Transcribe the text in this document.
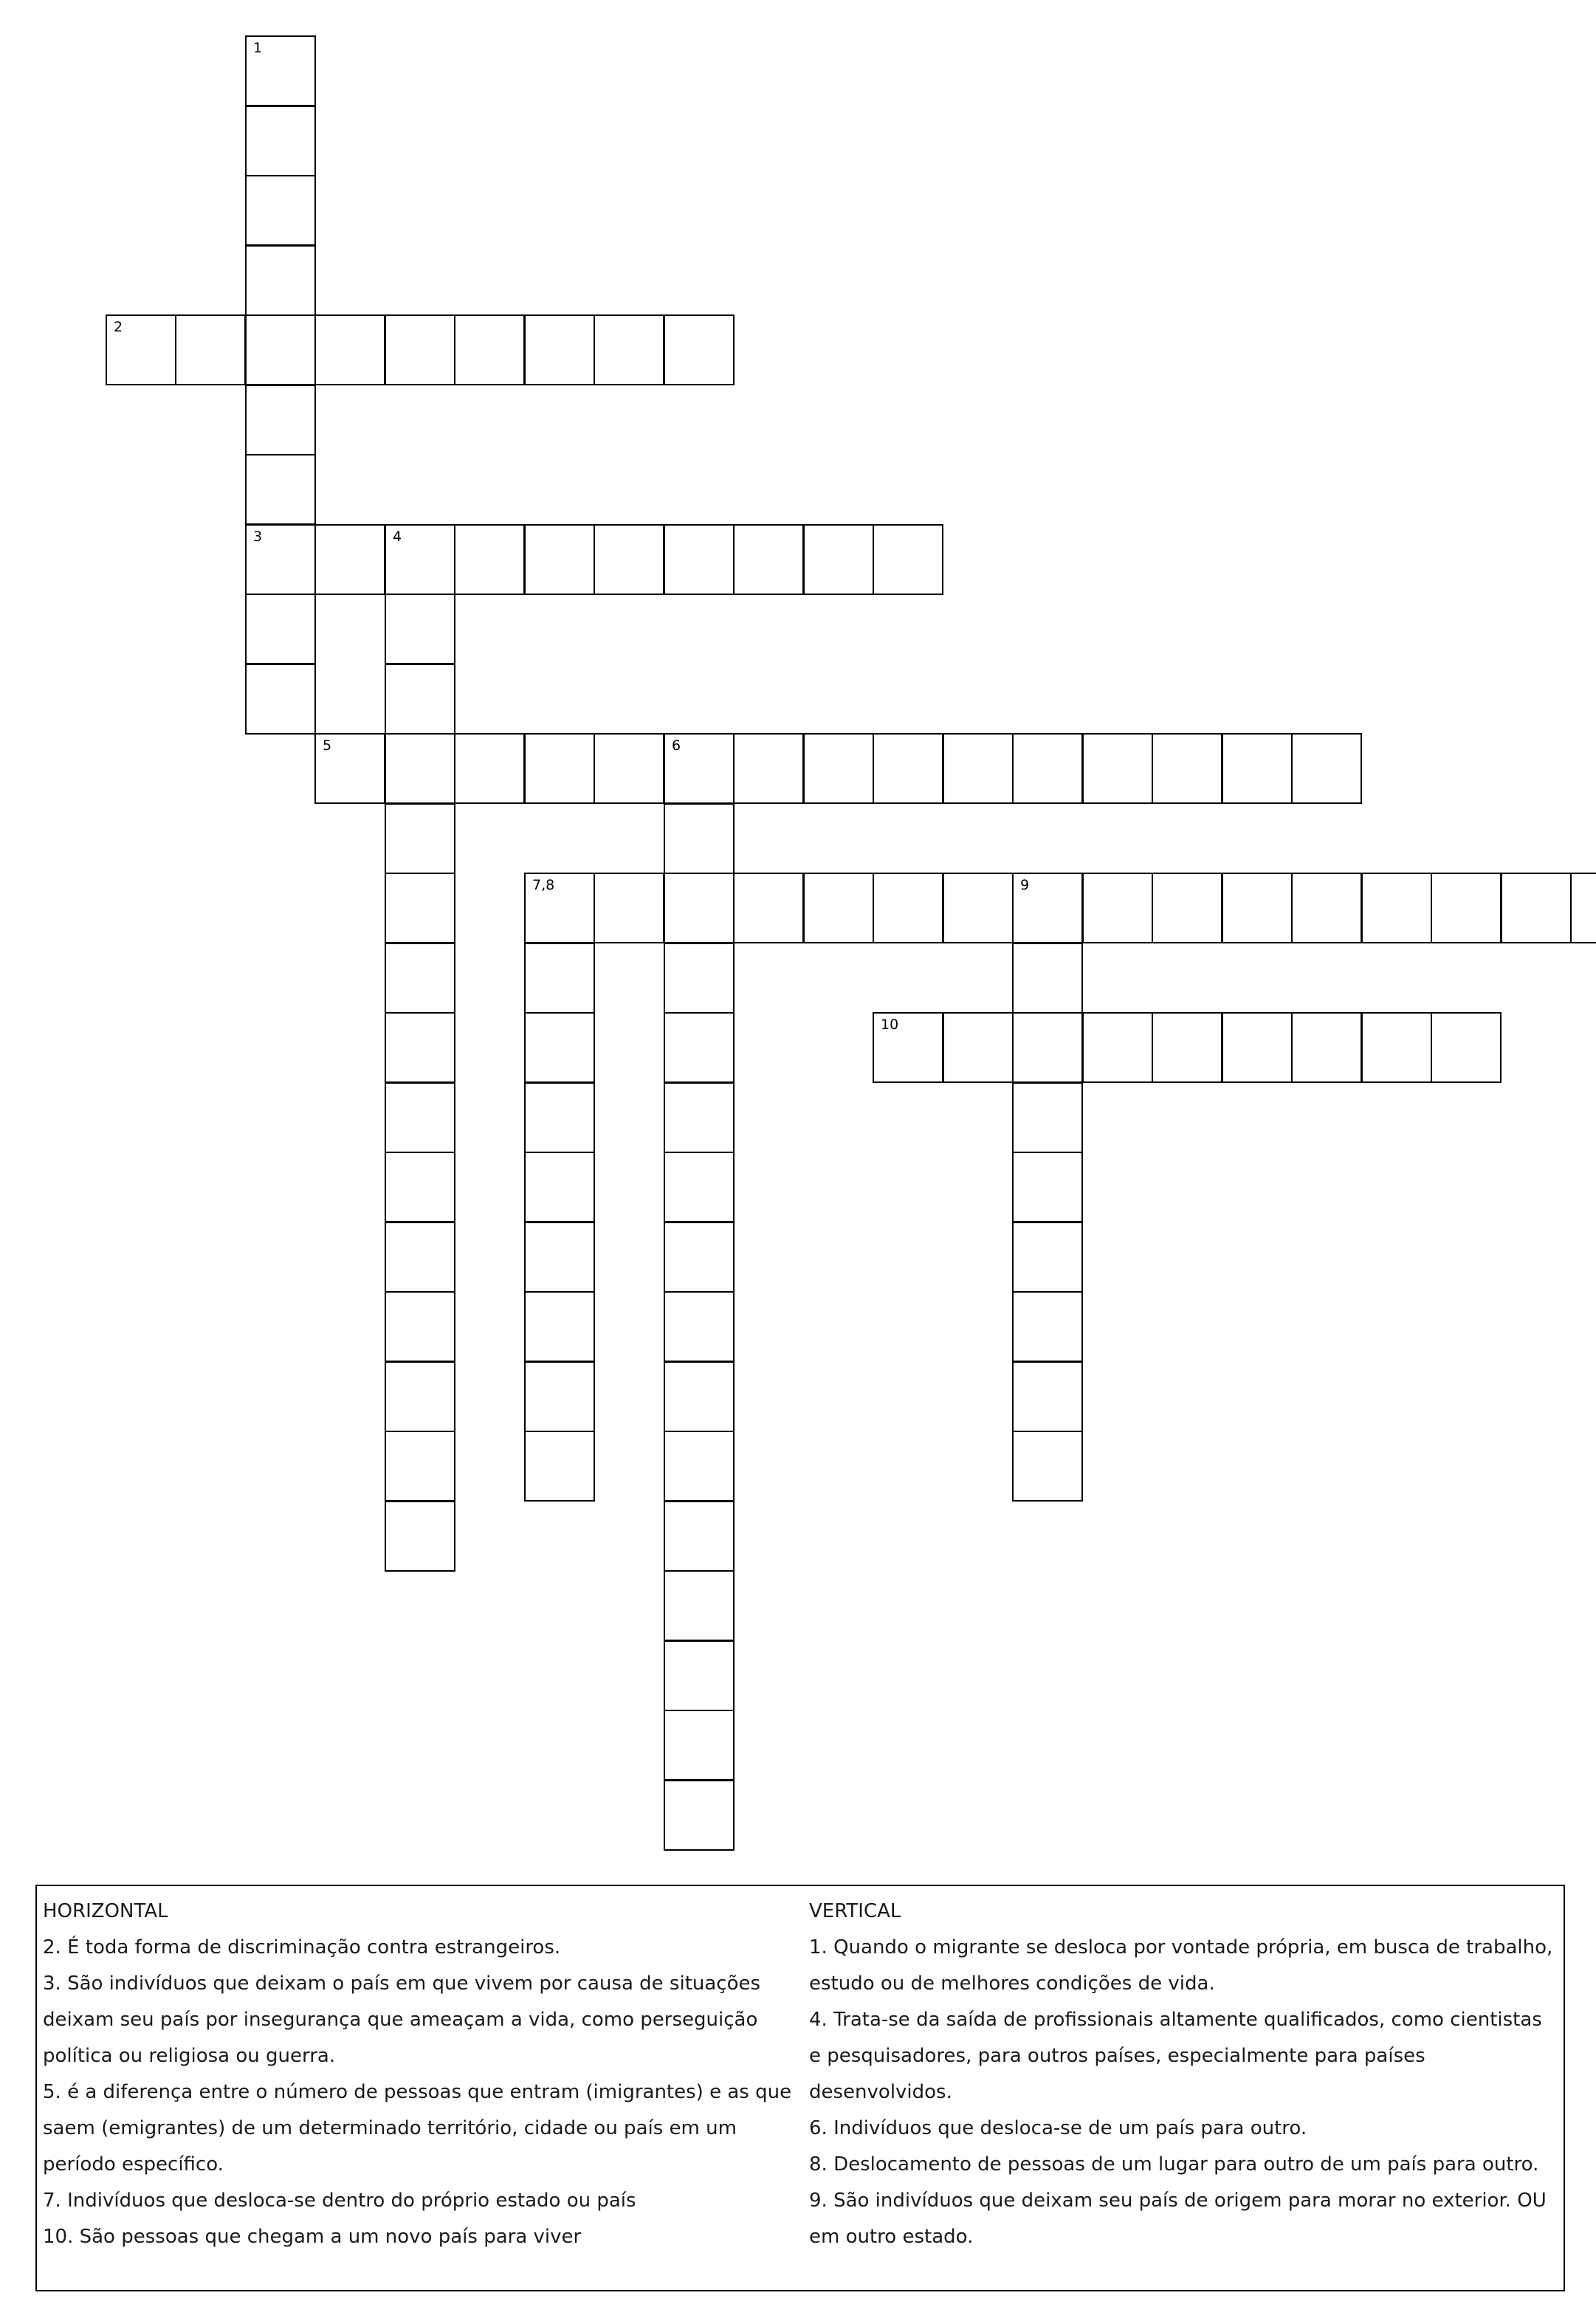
1
2
3	4
5	6
7,8	9
10

HORIZONTAL

2. É toda forma de discriminação contra estrangeiros.

3. São indivíduos que deixam o país em que vivem por causa de situações deixam seu país por insegurança que ameaçam a vida, como perseguição política ou religiosa ou guerra.

5. é a diferença entre o número de pessoas que entram (imigrantes) e as que saem (emigrantes) de um determinado território, cidade ou país em um período específico.

7. Indivíduos que desloca-se dentro do próprio estado ou país

10. São pessoas que chegam a um novo país para viver

VERTICAL

1. Quando o migrante se desloca por vontade própria, em busca de trabalho, estudo ou de melhores condições de vida.

4. Trata-se da saída de profissionais altamente qualificados, como cientistas e pesquisadores, para outros países, especialmente para países desenvolvidos.

6. Indivíduos que desloca-se de um país para outro.

8. Deslocamento de pessoas de um lugar para outro de um país para outro.

9. São indivíduos que deixam seu país de origem para morar no exterior. OU em outro estado.
